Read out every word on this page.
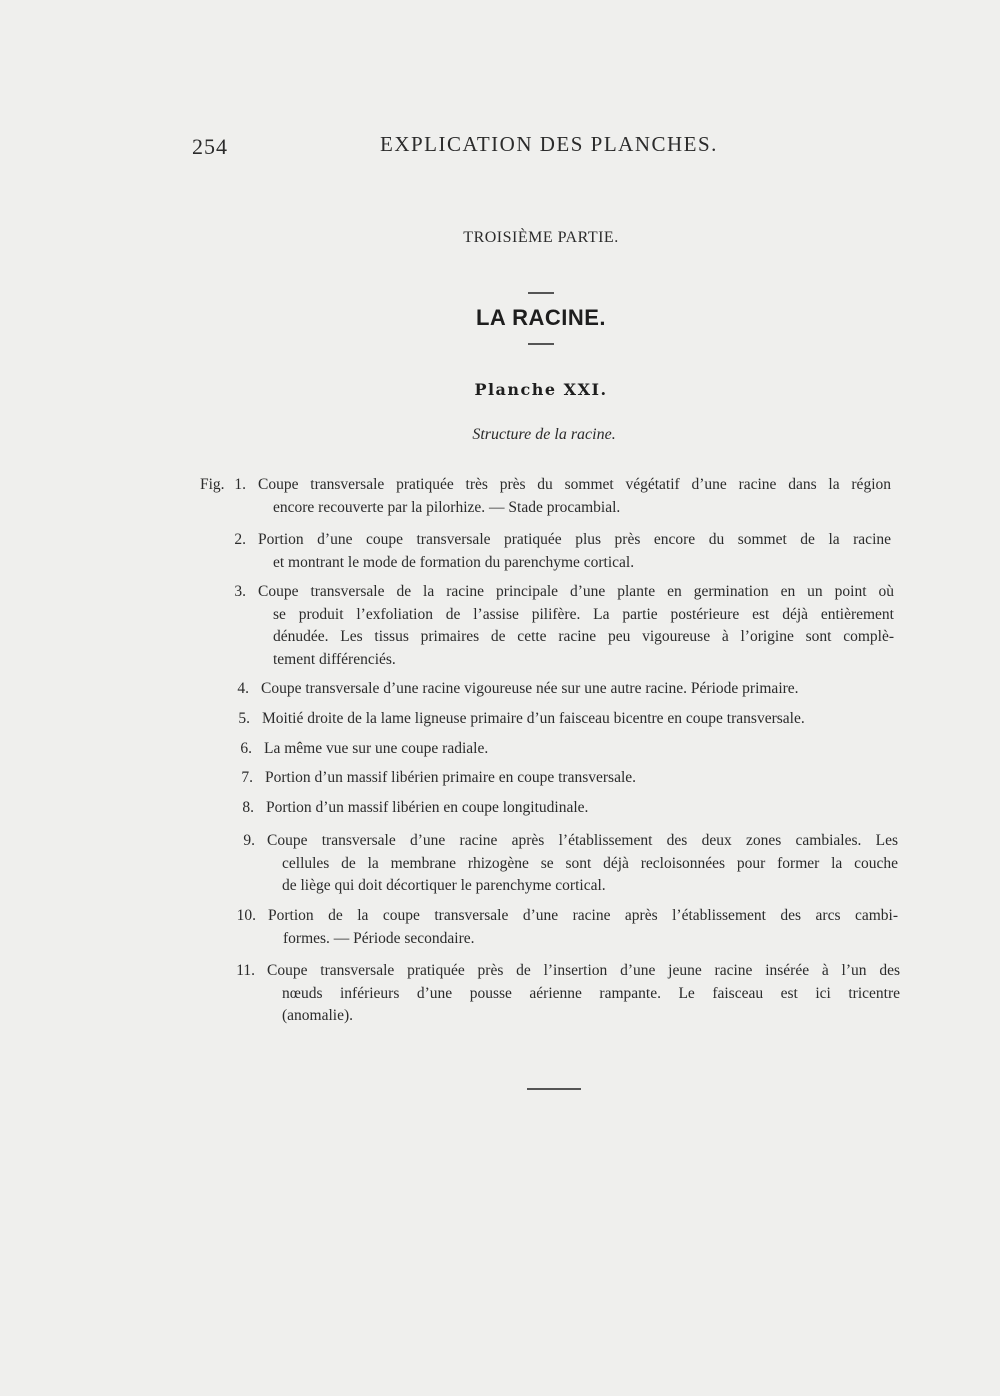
254	EXPLICATION DES PLANCHES.
TROISIÈME PARTIE.
LA RACINE.
Planche XXI.
Structure de la racine.
Fig. 1. Coupe transversale pratiquée très près du sommet végétatif d’une racine dans la région
encore recouverte par la pilorhize. — Stade procambial.
2. Portion d’une coupe transversale pratiquée plus près encore du sommet de la racine
et montrant le mode de formation du parenchyme cortical.
3. Coupe transversale de la racine principale d’une plante en germination en un point où
se produit l’exfoliation de l’assise pilifère. La partie postérieure est déjà entièrement
dénudée. Les tissus primaires de cette racine peu vigoureuse à l’origine sont complè-
tement différenciés.
4. Coupe transversale d’une racine vigoureuse née sur une autre racine. Période primaire.
5. Moitié droite de la lame ligneuse primaire d’un faisceau bicentre en coupe transversale.
6. La même vue sur une coupe radiale.
7. Portion d’un massif libérien primaire en coupe transversale.
8. Portion d’un massif libérien en coupe longitudinale.
9. Coupe transversale d’une racine après l’établissement des deux zones cambiales. Les
cellules de la membrane rhizogène se sont déjà recloisonnées pour former la couche
de liège qui doit décortiquer le parenchyme cortical.
10. Portion de la coupe transversale d’une racine après l’établissement des arcs cambi-
formes. — Période secondaire.
11. Coupe transversale pratiquée près de l’insertion d’une jeune racine insérée à l’un des
nœuds inférieurs d’une pousse aérienne rampante. Le faisceau est ici tricentre
(anomalie).
